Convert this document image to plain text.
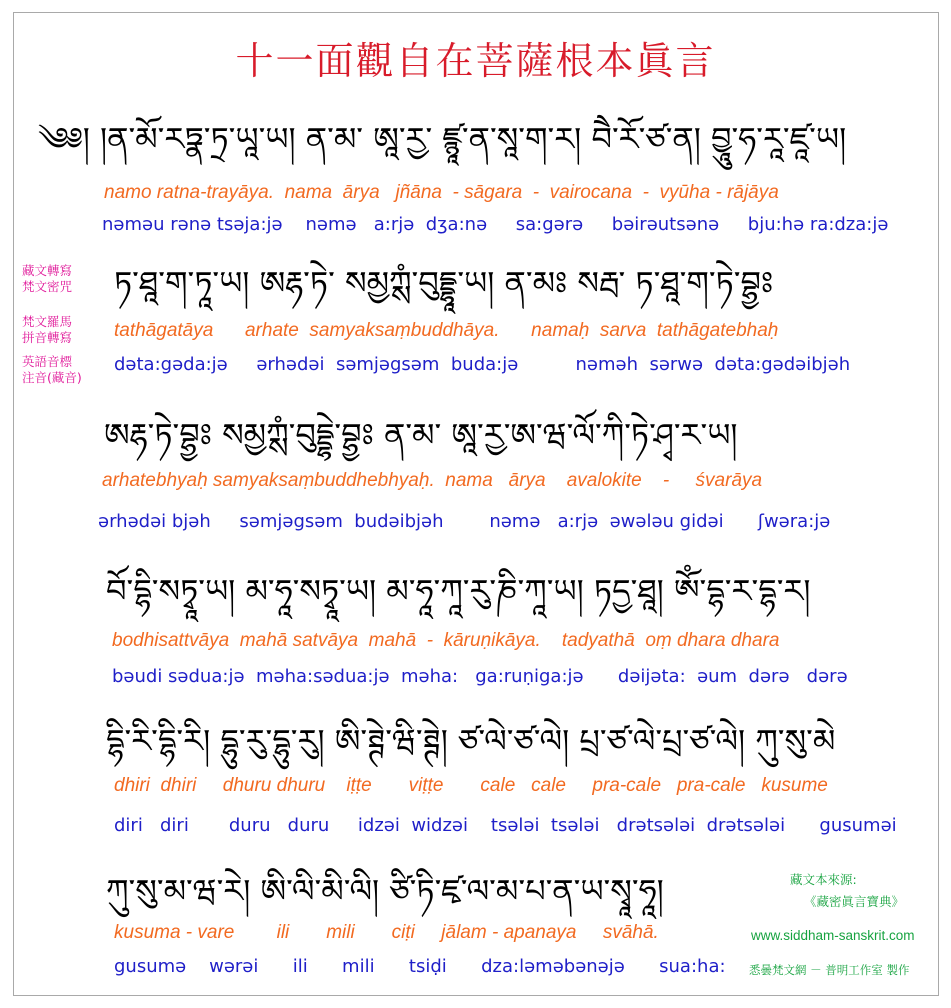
十一面觀自在菩薩根本眞言
藏文轉寫
梵文密咒
梵文羅馬
拼音轉寫
英語音標
注音(藏音)
༄༅། །ན་མོ་རཏྣ་ཏྲ་ཡཱ་ཡ། ན་མ་ ཨཱ་རྱ་ ཛྙཱ་ན་སཱ་ག་ར། བཻ་རོ་ཙ་ན། བྱཱུ་ཧ་རཱ་ཛཱ་ཡ།
namo ratna-trayāya.  nama  ārya   jñāna  - sāgara  -  vairocana  -  vyūha - rājāya
nəməu rənə tsəja:jə    nəmə   a:rjə  dʒa:nə     sa:gərə     bəirəutsənə     bju:hə ra:dza:jə
ཏ་ཐཱ་ག་ཏཱ་ཡ། ཨརྷ་ཏེ་ སམྱཀྶཾ་བུདྡྷཱ་ཡ། ན་མཿ སརྦ་ ཏ་ཐཱ་ག་ཏེ་བྷྱཿ
tathāgatāya      arhate  samyaksaṃbuddhāya.      namaḥ  sarva  tathāgatebhaḥ
dəta:gəda:jə     ərhədəi  səmjəgsəm  buda:jə          nəməh  sərwə  dəta:gədəibjəh
ཨརྷ་ཏེ་བྷྱཿ སམྱཀྶཾ་བུདྡྷེ་བྷྱཿ ན་མ་ ཨཱ་རྱ་ཨ་ཝ་ལོ་ཀི་ཏེ་ཤྭ་ར་ཡ།
arhatebhyaḥ samyaksaṃbuddhebhyaḥ.  nama   ārya    avalokite    -     śvarāya
ərhədəi bjəh     səmjəgsəm  budəibjəh        nəmə   a:rjə  əwələu gidəi      ʃwəra:jə
བོ་དྷི་སཏྭཱ་ཡ། མ་ཧཱ་སཏྭཱ་ཡ། མ་ཧཱ་ཀཱ་རུ་ཎི་ཀཱ་ཡ། ཏདྱ་ཐཱ། ཨོཾ་དྷ་ར་དྷ་ར།
bodhisattvāya  mahā satvāya  mahā  -  kāruṇikāya.    tadyathā  oṃ dhara dhara
bəudi sədua:jə  məha:sədua:jə  məha:   ga:ruṇiga:jə      dəijəta:  əum  dərə   dərə
དྷི་རི་དྷི་རི། དྷུ་རུ་དྷུ་རུ། ཨི་ཊྚེ་ཝི་ཊྚེ། ཙ་ལེ་ཙ་ལེ། པྲ་ཙ་ལེ་པྲ་ཙ་ལེ། ཀུ་སུ་མེ
dhiri  dhiri     dhuru dhuru    iṭṭe       viṭṭe       cale   cale     pra-cale   pra-cale   kusume
diri   diri       duru   duru     idzəi  widzəi    tsələi  tsələi   drətsələi  drətsələi      gusuməi
ཀུ་སུ་མ་ཝ་རེ། ཨི་ལི་མི་ལི། ཙི་ཏི་ཛྭ་ལ་མ་པ་ན་ཡ་སྭཱ་ཧཱ།
kusuma - vare        ili       mili       ciṭi     jālam - apanaya     svāhā.
gusumə    wərəi      ili      mili      tsiḍi      dza:ləməbənəjə      sua:ha:
藏文本來源:
《藏密眞言寶典》
www.siddham-sanskrit.com
悉曇梵文網 － 普明工作室 製作
